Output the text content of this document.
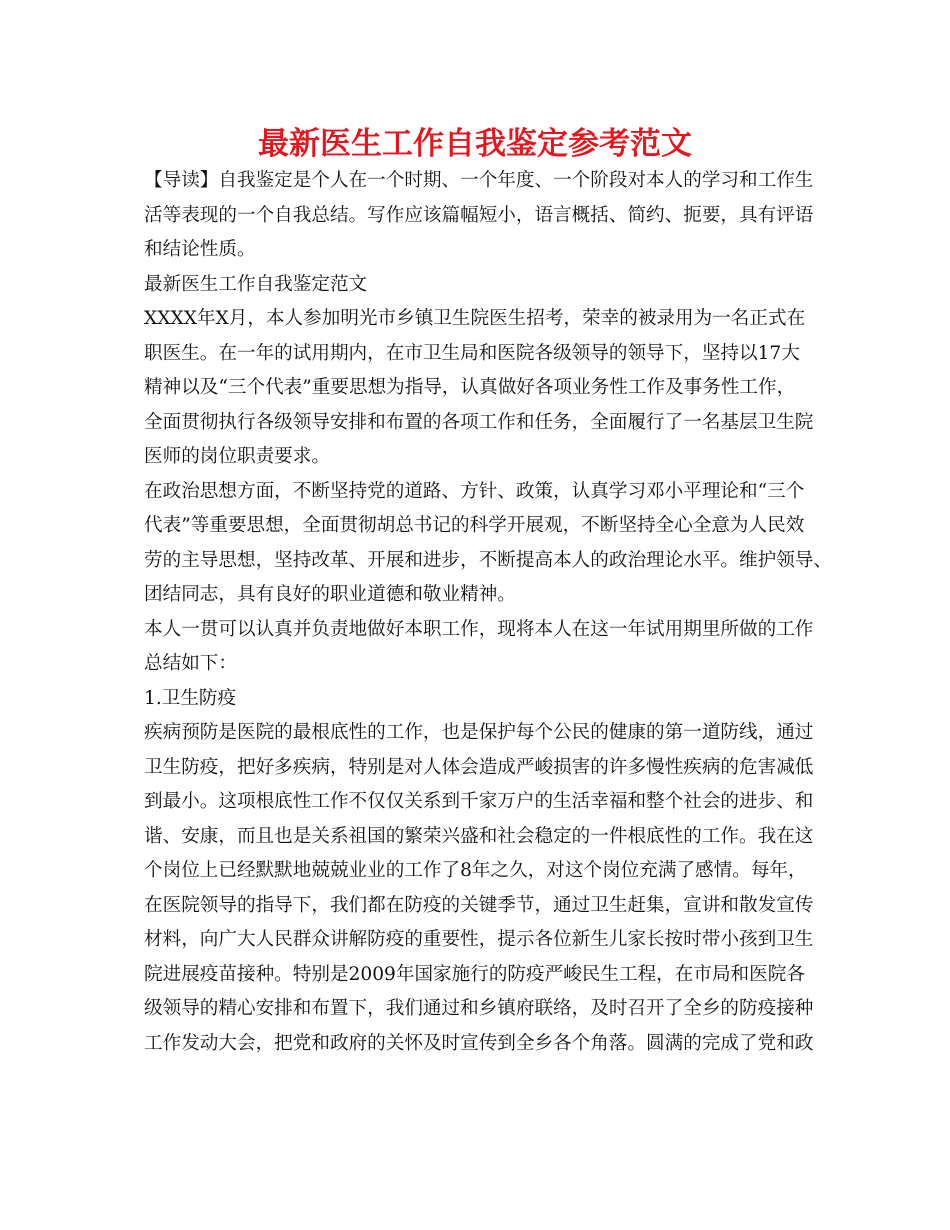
最新医生工作自我鉴定参考范文
【导读】自我鉴定是个人在一个时期、一个年度、一个阶段对本人的学习和工作生
活等表现的一个自我总结。写作应该篇幅短小，语言概括、简约、扼要，具有评语
和结论性质。
最新医生工作自我鉴定范文
XXXX年X月，本人参加明光市乡镇卫生院医生招考，荣幸的被录用为一名正式在
职医生。在一年的试用期内，在市卫生局和医院各级领导的领导下，坚持以17大
精神以及“三个代表”重要思想为指导，认真做好各项业务性工作及事务性工作，
全面贯彻执行各级领导安排和布置的各项工作和任务，全面履行了一名基层卫生院
医师的岗位职责要求。
在政治思想方面，不断坚持党的道路、方针、政策，认真学习邓小平理论和“三个
代表”等重要思想，全面贯彻胡总书记的科学开展观，不断坚持全心全意为人民效
劳的主导思想，坚持改革、开展和进步，不断提高本人的政治理论水平。维护领导、
团结同志，具有良好的职业道德和敬业精神。
本人一贯可以认真并负责地做好本职工作，现将本人在这一年试用期里所做的工作
总结如下：
1.卫生防疫
疾病预防是医院的最根底性的工作，也是保护每个公民的健康的第一道防线，通过
卫生防疫，把好多疾病，特别是对人体会造成严峻损害的许多慢性疾病的危害减低
到最小。这项根底性工作不仅仅关系到千家万户的生活幸福和整个社会的进步、和
谐、安康，而且也是关系祖国的繁荣兴盛和社会稳定的一件根底性的工作。我在这
个岗位上已经默默地兢兢业业的工作了8年之久，对这个岗位充满了感情。每年，
在医院领导的指导下，我们都在防疫的关键季节，通过卫生赶集，宣讲和散发宣传
材料，向广大人民群众讲解防疫的重要性，提示各位新生儿家长按时带小孩到卫生
院进展疫苗接种。特别是2009年国家施行的防疫严峻民生工程，在市局和医院各
级领导的精心安排和布置下，我们通过和乡镇府联络，及时召开了全乡的防疫接种
工作发动大会，把党和政府的关怀及时宣传到全乡各个角落。圆满的完成了党和政
